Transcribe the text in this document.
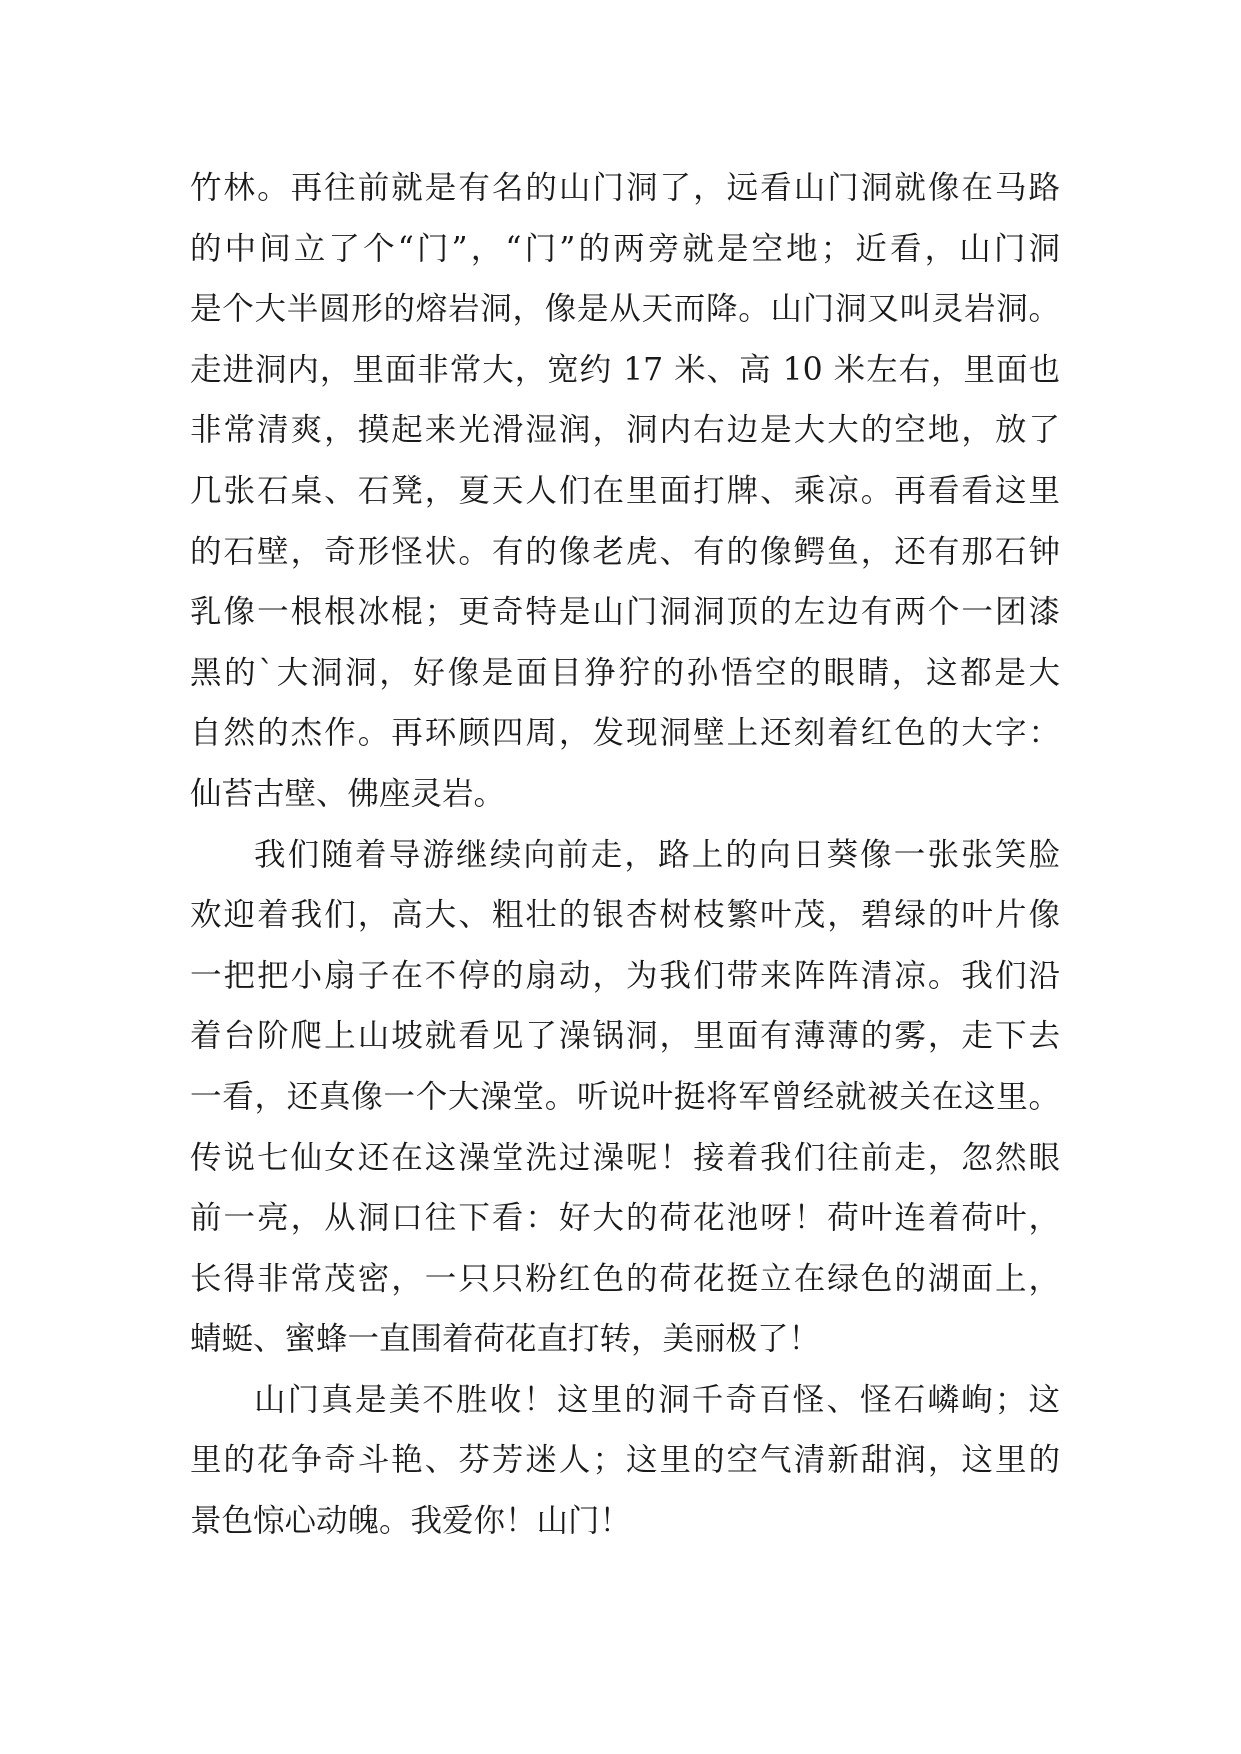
竹林。再往前就是有名的山门洞了，远看山门洞就像在马路
的中间立了个“门”，“门”的两旁就是空地；近看，山门洞
是个大半圆形的熔岩洞，像是从天而降。山门洞又叫灵岩洞。
走进洞内，里面非常大，宽约 17 米、高 10 米左右，里面也
非常清爽，摸起来光滑湿润，洞内右边是大大的空地，放了
几张石桌、石凳，夏天人们在里面打牌、乘凉。再看看这里
的石壁，奇形怪状。有的像老虎、有的像鳄鱼，还有那石钟
乳像一根根冰棍；更奇特是山门洞洞顶的左边有两个一团漆
黑的`大洞洞，好像是面目狰狞的孙悟空的眼睛，这都是大
自然的杰作。再环顾四周，发现洞壁上还刻着红色的大字：
仙苔古壁、佛座灵岩。
我们随着导游继续向前走，路上的向日葵像一张张笑脸
欢迎着我们，高大、粗壮的银杏树枝繁叶茂，碧绿的叶片像
一把把小扇子在不停的扇动，为我们带来阵阵清凉。我们沿
着台阶爬上山坡就看见了澡锅洞，里面有薄薄的雾，走下去
一看，还真像一个大澡堂。听说叶挺将军曾经就被关在这里。
传说七仙女还在这澡堂洗过澡呢！接着我们往前走，忽然眼
前一亮，从洞口往下看：好大的荷花池呀！荷叶连着荷叶，
长得非常茂密，一只只粉红色的荷花挺立在绿色的湖面上，
蜻蜓、蜜蜂一直围着荷花直打转，美丽极了！
山门真是美不胜收！这里的洞千奇百怪、怪石嶙峋；这
里的花争奇斗艳、芬芳迷人；这里的空气清新甜润，这里的
景色惊心动魄。我爱你！山门！
